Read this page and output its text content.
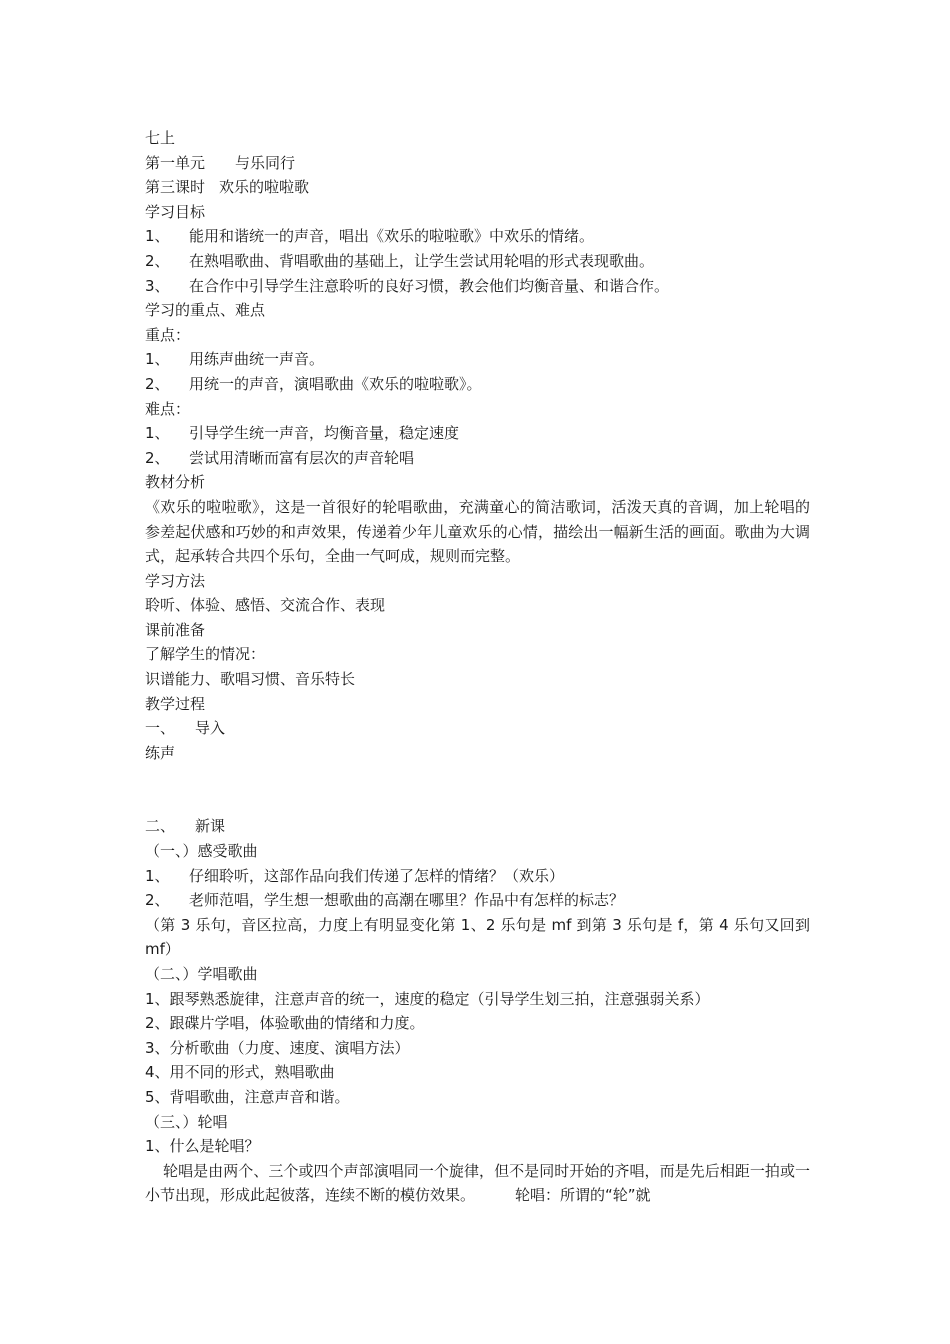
七上
第一单元 与乐同行
第三课时 欢乐的啦啦歌
学习目标
1、 能用和谐统一的声音，唱出《欢乐的啦啦歌》中欢乐的情绪。
2、 在熟唱歌曲、背唱歌曲的基础上，让学生尝试用轮唱的形式表现歌曲。
3、 在合作中引导学生注意聆听的良好习惯，教会他们均衡音量、和谐合作。
学习的重点、难点
重点：
1、 用练声曲统一声音。
2、 用统一的声音，演唱歌曲《欢乐的啦啦歌》。
难点：
1、 引导学生统一声音，均衡音量，稳定速度
2、 尝试用清晰而富有层次的声音轮唱
教材分析
《欢乐的啦啦歌》，这是一首很好的轮唱歌曲，充满童心的简洁歌词，活泼天真的音调，加上轮唱的参差起伏感和巧妙的和声效果，传递着少年儿童欢乐的心情，描绘出一幅新生活的画面。歌曲为大调式，起承转合共四个乐句，全曲一气呵成，规则而完整。
学习方法
聆听、体验、感悟、交流合作、表现
课前准备
了解学生的情况：
识谱能力、歌唱习惯、音乐特长
教学过程
一、 导入
练声
二、 新课
（一、）感受歌曲
1、 仔细聆听，这部作品向我们传递了怎样的情绪？（欢乐）
2、 老师范唱，学生想一想歌曲的高潮在哪里？作品中有怎样的标志？
（第 3 乐句，音区拉高，力度上有明显变化第 1、2 乐句是 mf 到第 3 乐句是 f，第 4 乐句又回到 mf）
（二、）学唱歌曲
1、跟琴熟悉旋律，注意声音的统一，速度的稳定（引导学生划三拍，注意强弱关系）
2、跟碟片学唱，体验歌曲的情绪和力度。
3、分析歌曲（力度、速度、演唱方法）
4、用不同的形式，熟唱歌曲
5、背唱歌曲，注意声音和谐。
（三、）轮唱
1、什么是轮唱？
轮唱是由两个、三个或四个声部演唱同一个旋律，但不是同时开始的齐唱，而是先后相距一拍或一小节出现，形成此起彼落，连续不断的模仿效果。	轮唱：所谓的“轮”就
